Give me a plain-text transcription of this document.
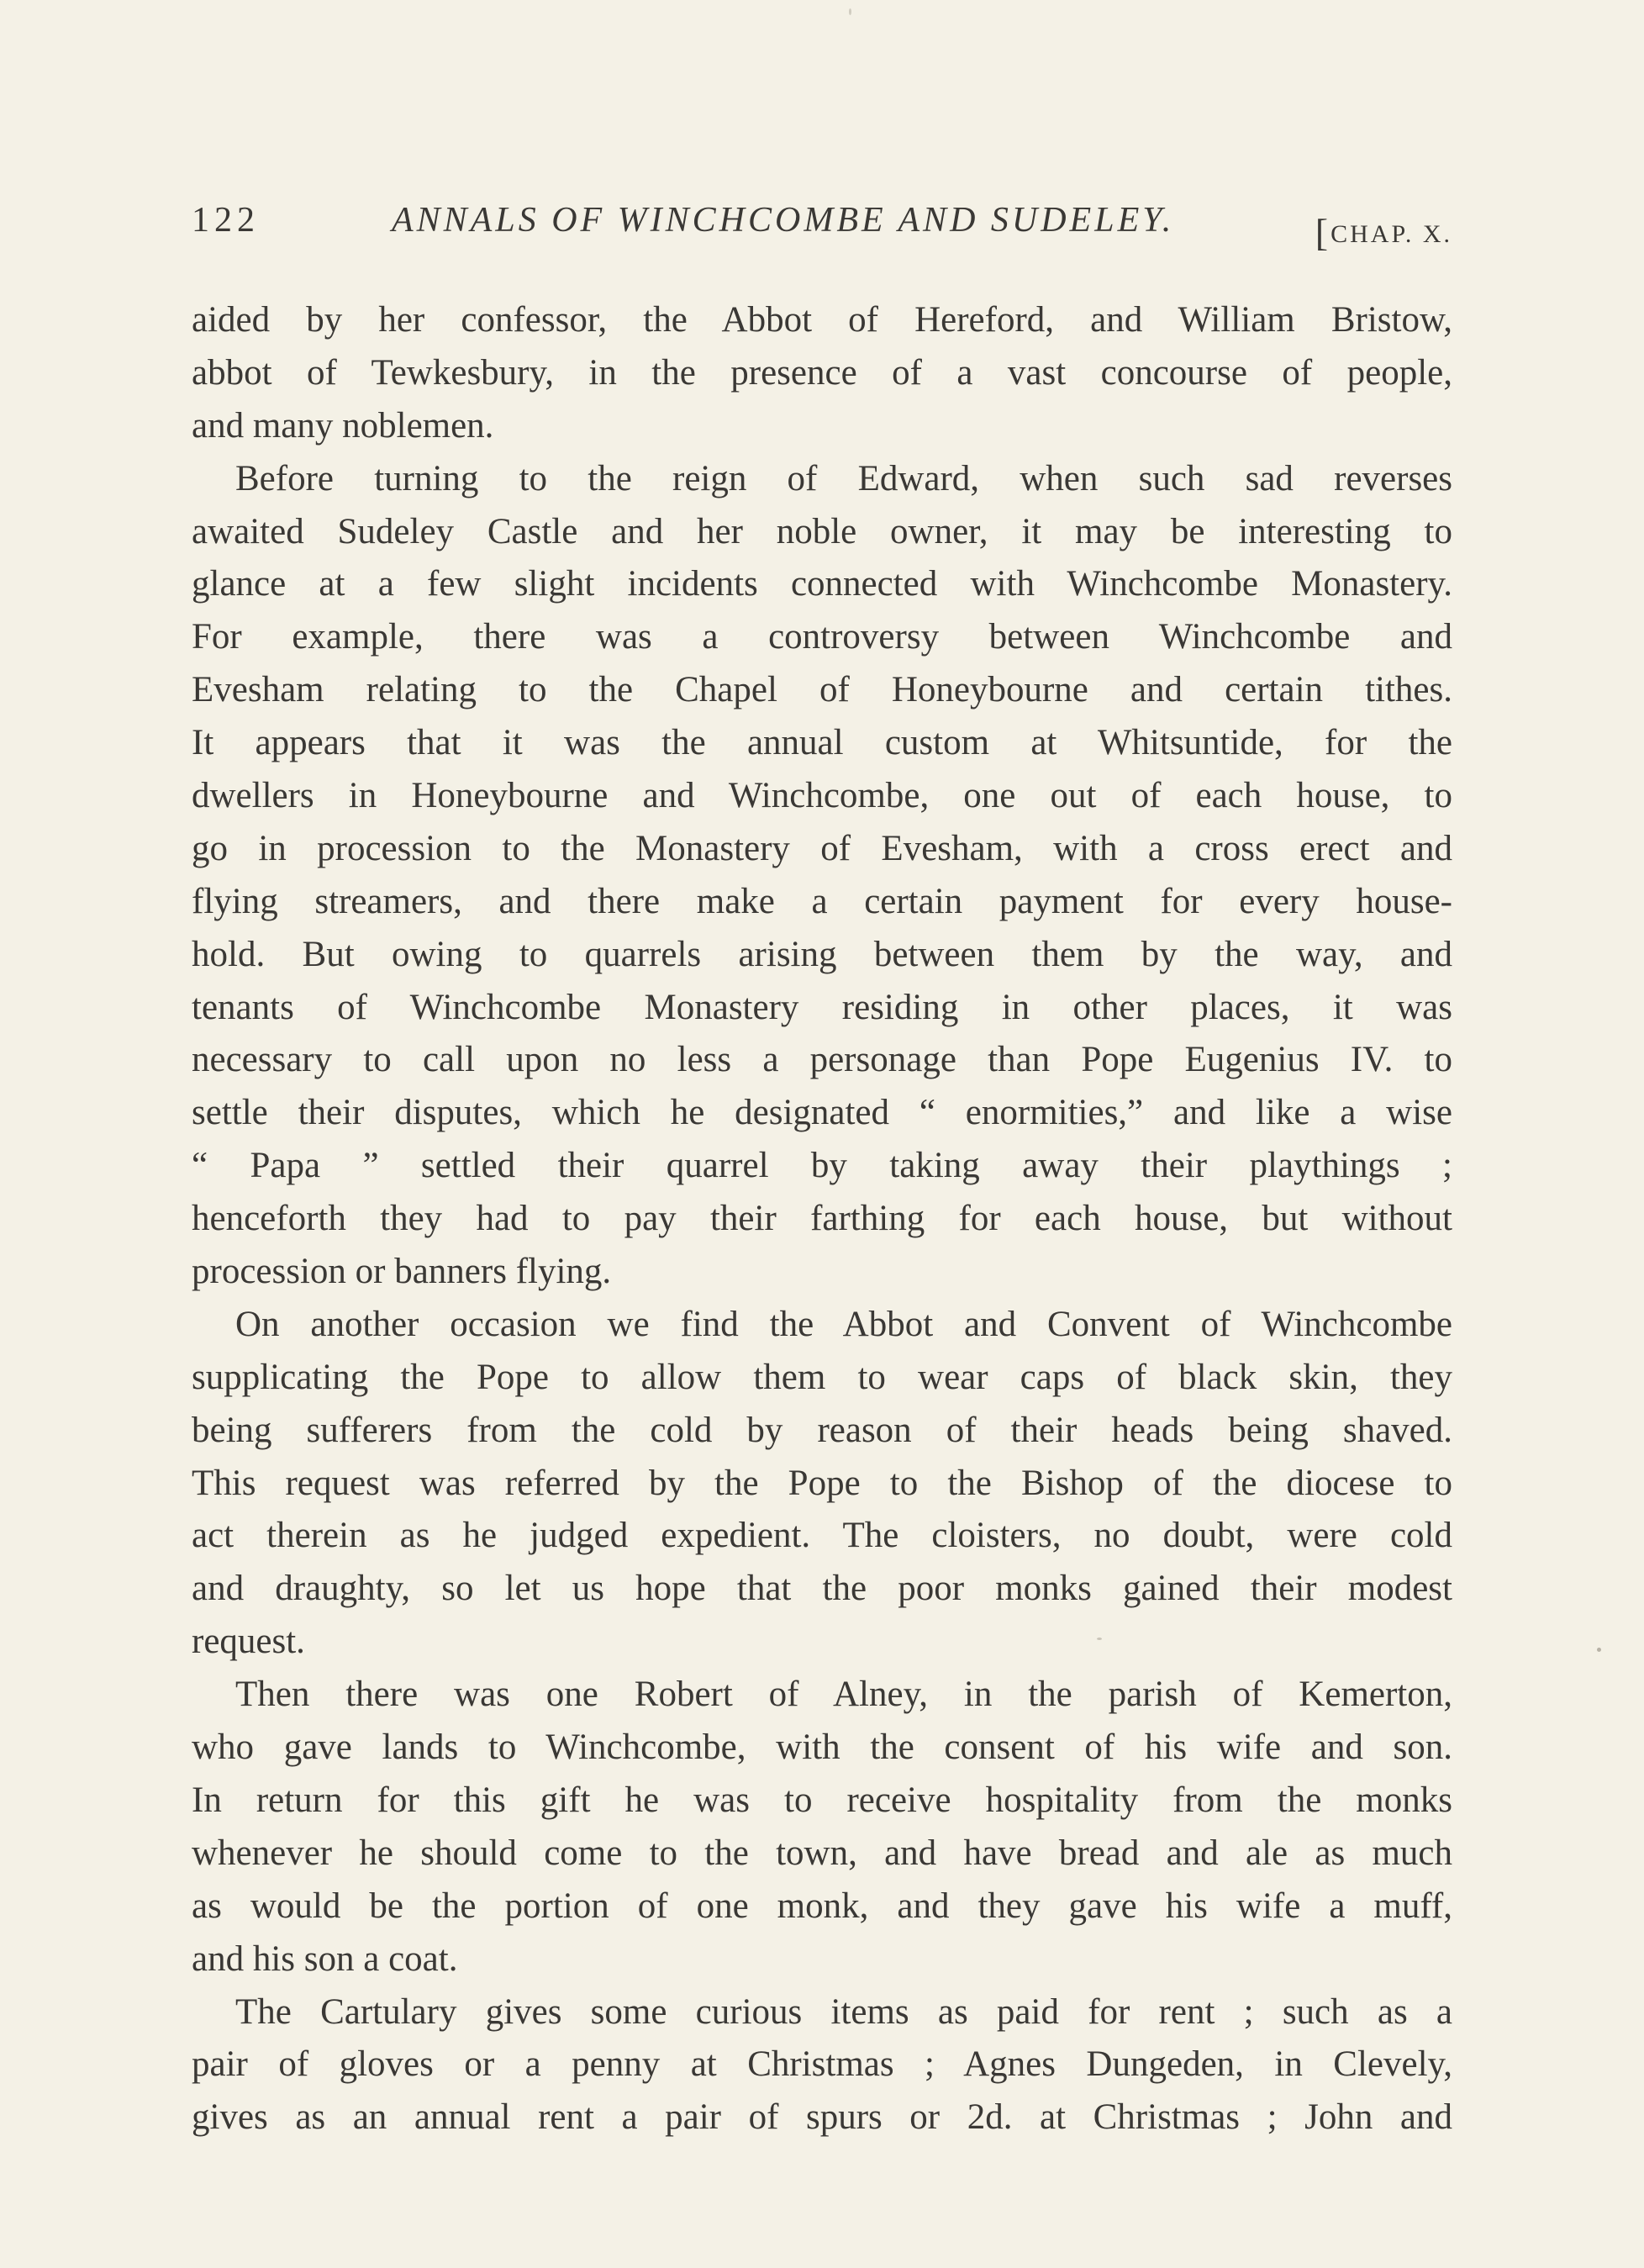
122	ANNALS OF WINCHCOMBE AND SUDELEY.	[CHAP. X.
aided by her confessor, the Abbot of Hereford, and William Bristow,
abbot of Tewkesbury, in the presence of a vast concourse of people,
and many noblemen.
Before turning to the reign of Edward, when such sad reverses
awaited Sudeley Castle and her noble owner, it may be interesting to
glance at a few slight incidents connected with Winchcombe Monastery.
For example, there was a controversy between Winchcombe and
Evesham relating to the Chapel of Honeybourne and certain tithes.
It appears that it was the annual custom at Whitsuntide, for the
dwellers in Honeybourne and Winchcombe, one out of each house, to
go in procession to the Monastery of Evesham, with a cross erect and
flying streamers, and there make a certain payment for every house-
hold. But owing to quarrels arising between them by the way, and
tenants of Winchcombe Monastery residing in other places, it was
necessary to call upon no less a personage than Pope Eugenius IV. to
settle their disputes, which he designated “ enormities,” and like a wise
“ Papa ” settled their quarrel by taking away their playthings ;
henceforth they had to pay their farthing for each house, but without
procession or banners flying.
On another occasion we find the Abbot and Convent of Winchcombe
supplicating the Pope to allow them to wear caps of black skin, they
being sufferers from the cold by reason of their heads being shaved.
This request was referred by the Pope to the Bishop of the diocese to
act therein as he judged expedient. The cloisters, no doubt, were cold
and draughty, so let us hope that the poor monks gained their modest
request.
Then there was one Robert of Alney, in the parish of Kemerton,
who gave lands to Winchcombe, with the consent of his wife and son.
In return for this gift he was to receive hospitality from the monks
whenever he should come to the town, and have bread and ale as much
as would be the portion of one monk, and they gave his wife a muff,
and his son a coat.
The Cartulary gives some curious items as paid for rent ; such as a
pair of gloves or a penny at Christmas ; Agnes Dungeden, in Clevely,
gives as an annual rent a pair of spurs or 2d. at Christmas ; John and
